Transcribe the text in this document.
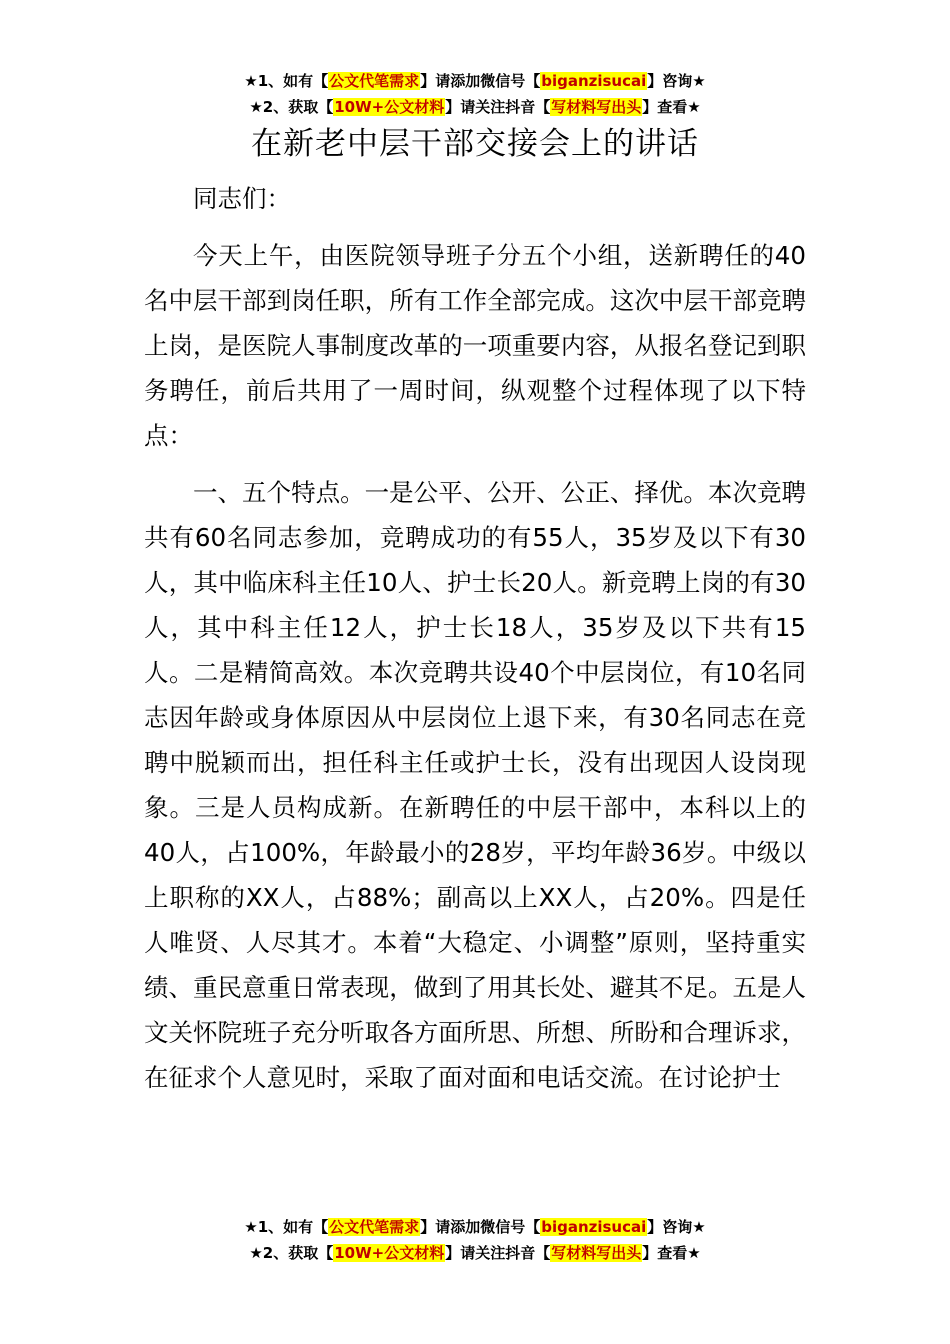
★1、如有【公文代笔需求】请添加微信号【biganzisucai】咨询★
★2、获取【10W+公文材料】请关注抖音【写材料写出头】查看★
在新老中层干部交接会上的讲话

同志们：

今天上午，由医院领导班子分五个小组，送新聘任的40名中层干部到岗任职，所有工作全部完成。这次中层干部竞聘上岗，是医院人事制度改革的一项重要内容，从报名登记到职务聘任，前后共用了一周时间，纵观整个过程体现了以下特点：

一、五个特点。一是公平、公开、公正、择优。本次竞聘共有60名同志参加，竞聘成功的有55人，35岁及以下有30人，其中临床科主任10人、护士长20人。新竞聘上岗的有30人，其中科主任12人，护士长18人，35岁及以下共有15人。二是精简高效。本次竞聘共设40个中层岗位，有10名同志因年龄或身体原因从中层岗位上退下来，有30名同志在竞聘中脱颖而出，担任科主任或护士长，没有出现因人设岗现象。三是人员构成新。在新聘任的中层干部中，本科以上的40人，占100%，年龄最小的28岁，平均年龄36岁。中级以上职称的XX人，占88%；副高以上XX人，占20%。四是任人唯贤、人尽其才。本着“大稳定、小调整”原则，坚持重实绩、重民意重日常表现，做到了用其长处、避其不足。五是人文关怀院班子充分听取各方面所思、所想、所盼和合理诉求，在征求个人意见时，采取了面对面和电话交流。在讨论护士

★1、如有【公文代笔需求】请添加微信号【biganzisucai】咨询★
★2、获取【10W+公文材料】请关注抖音【写材料写出头】查看★
